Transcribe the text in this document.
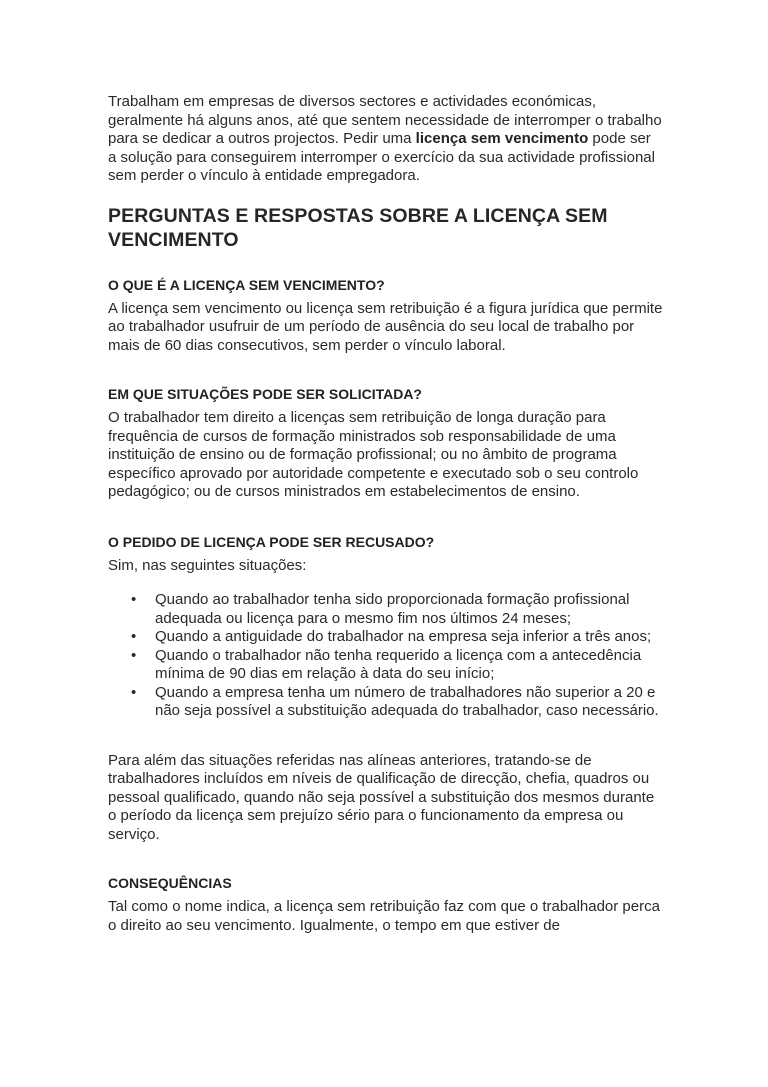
Trabalham em empresas de diversos sectores e actividades económicas, geralmente há alguns anos, até que sentem necessidade de interromper o trabalho para se dedicar a outros projectos. Pedir uma licença sem vencimento pode ser a solução para conseguirem interromper o exercício da sua actividade profissional sem perder o vínculo à entidade empregadora.

PERGUNTAS E RESPOSTAS SOBRE A LICENÇA SEM VENCIMENTO
O QUE É A LICENÇA SEM VENCIMENTO?

A licença sem vencimento ou licença sem retribuição é a figura jurídica que permite ao trabalhador usufruir de um período de ausência do seu local de trabalho por mais de 60 dias consecutivos, sem perder o vínculo laboral.

EM QUE SITUAÇÕES PODE SER SOLICITADA?

O trabalhador tem direito a licenças sem retribuição de longa duração para frequência de cursos de formação ministrados sob responsabilidade de uma instituição de ensino ou de formação profissional; ou no âmbito de programa específico aprovado por autoridade competente e executado sob o seu controlo pedagógico; ou de cursos ministrados em estabelecimentos de ensino.

O PEDIDO DE LICENÇA PODE SER RECUSADO?

Sim, nas seguintes situações:

• Quando ao trabalhador tenha sido proporcionada formação profissional adequada ou licença para o mesmo fim nos últimos 24 meses;
• Quando a antiguidade do trabalhador na empresa seja inferior a três anos;
• Quando o trabalhador não tenha requerido a licença com a antecedência mínima de 90 dias em relação à data do seu início;
• Quando a empresa tenha um número de trabalhadores não superior a 20 e não seja possível a substituição adequada do trabalhador, caso necessário.

Para além das situações referidas nas alíneas anteriores, tratando-se de trabalhadores incluídos em níveis de qualificação de direcção, chefia, quadros ou pessoal qualificado, quando não seja possível a substituição dos mesmos durante o período da licença sem prejuízo sério para o funcionamento da empresa ou serviço.

CONSEQUÊNCIAS

Tal como o nome indica, a licença sem retribuição faz com que o trabalhador perca o direito ao seu vencimento. Igualmente, o tempo em que estiver de
